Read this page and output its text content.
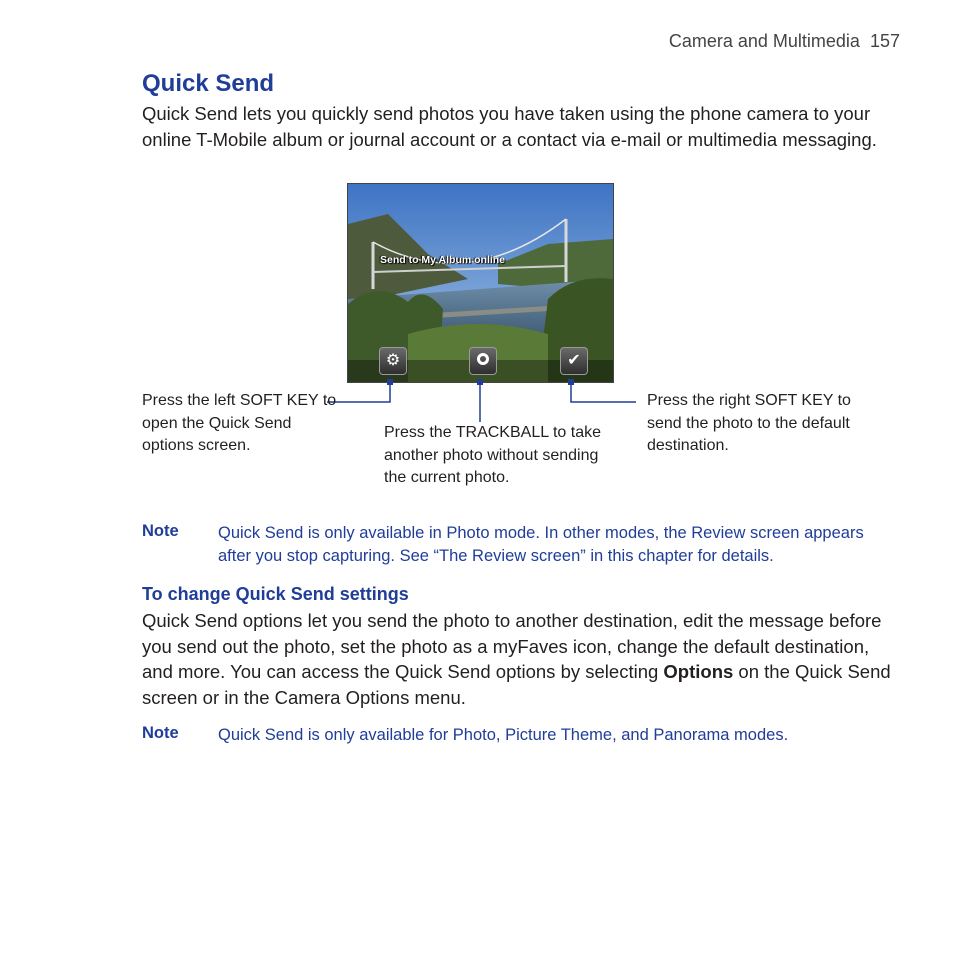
Camera and Multimedia 157
Quick Send

Quick Send lets you quickly send photos you have taken using the phone camera to your online T-Mobile album or journal account or a contact via e-mail or multimedia messaging.

Send to My Album online
⚙	✔
Press the left SOFT KEY to open the Quick Send options screen.
Press the TRACKBALL to take another photo without sending the current photo.
Press the right SOFT KEY to send the photo to the default destination.
Note Quick Send is only available in Photo mode. In other modes, the Review screen appears after you stop capturing. See “The Review screen” in this chapter for details.
To change Quick Send settings

Quick Send options let you send the photo to another destination, edit the message before you send out the photo, set the photo as a myFaves icon, change the default destination, and more. You can access the Quick Send options by selecting Options on the Quick Send screen or in the Camera Options menu.

Note Quick Send is only available for Photo, Picture Theme, and Panorama modes.
